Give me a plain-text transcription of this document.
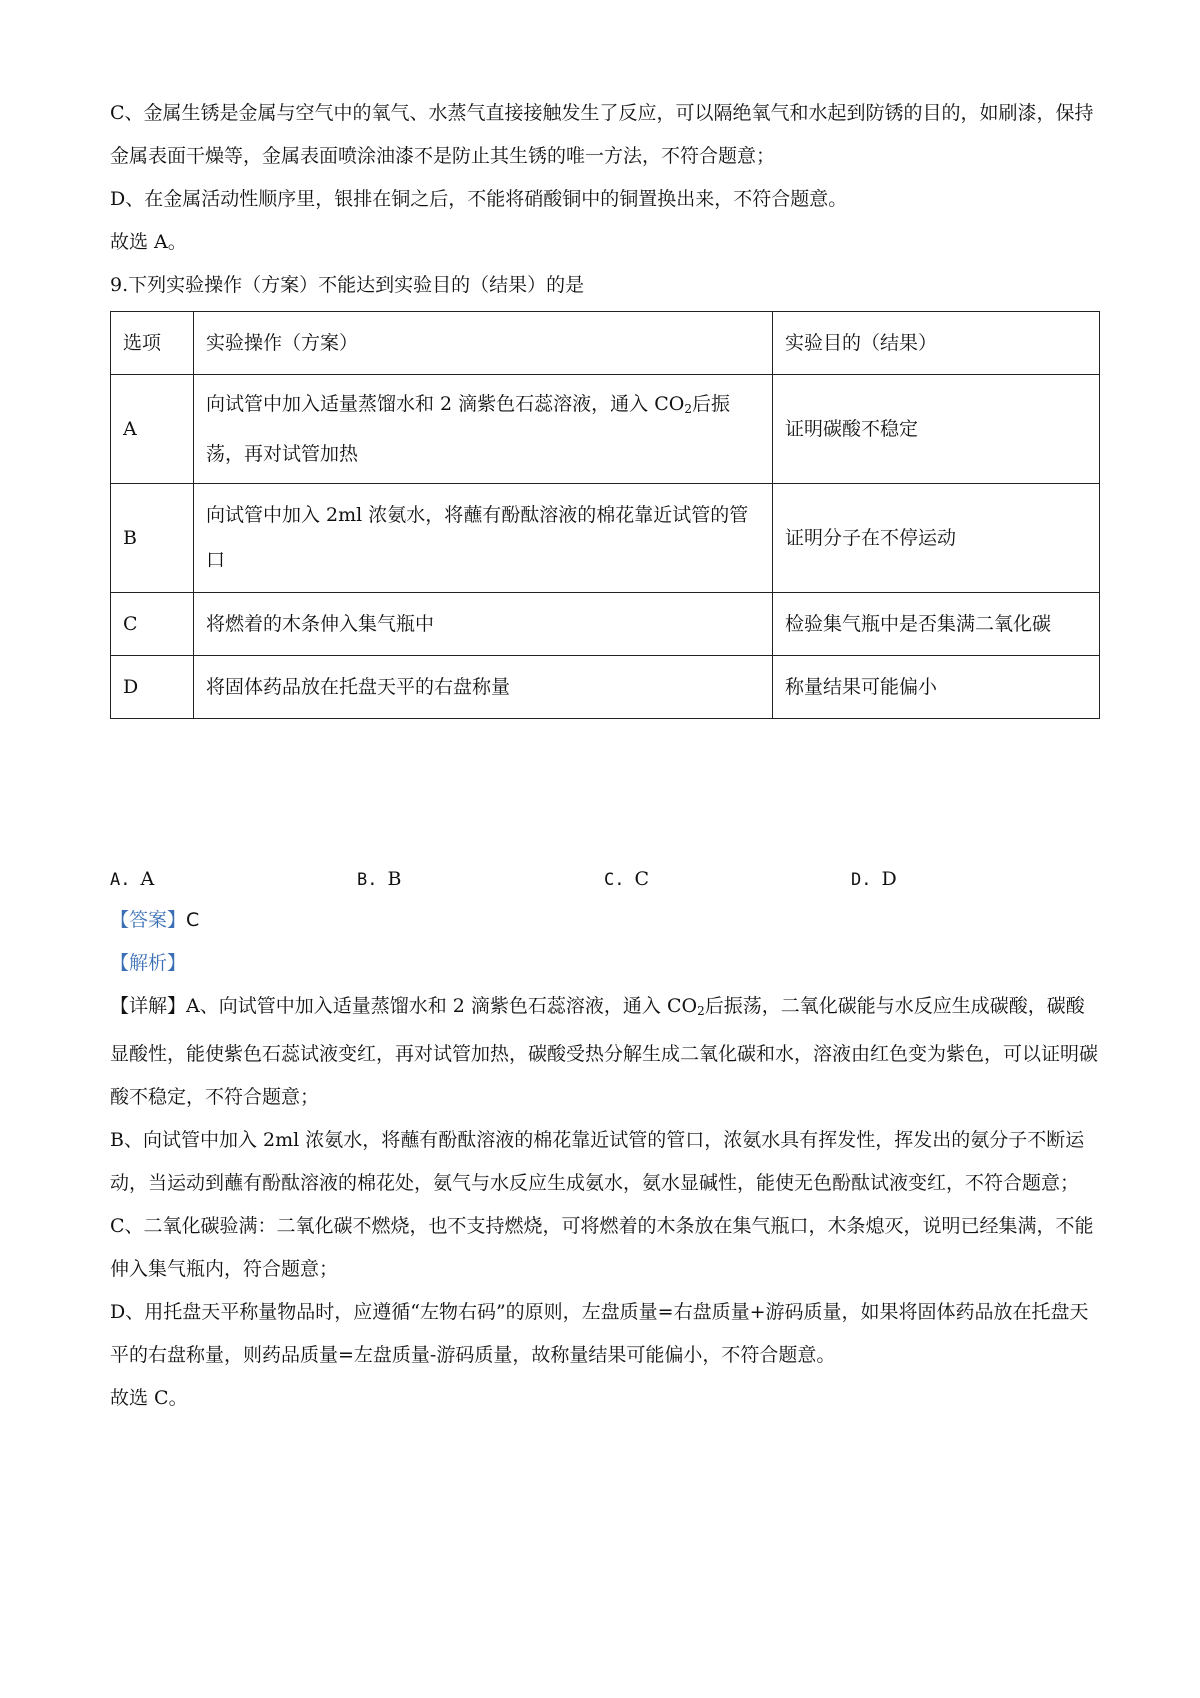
C、金属生锈是金属与空气中的氧气、水蒸气直接接触发生了反应，可以隔绝氧气和水起到防锈的目的，如刷漆，保持金属表面干燥等，金属表面喷涂油漆不是防止其生锈的唯一方法，不符合题意；

D、在金属活动性顺序里，银排在铜之后，不能将硝酸铜中的铜置换出来，不符合题意。

故选 A。

9.下列实验操作（方案）不能达到实验目的（结果）的是

选项	实验操作（方案）	实验目的（结果）
A	向试管中加入适量蒸馏水和 2 滴紫色石蕊溶液，通入 $CO_2$后振荡，再对试管加热	证明碳酸不稳定
B	向试管中加入 2ml 浓氨水，将蘸有酚酞溶液的棉花靠近试管的管口	证明分子在不停运动
C	将燃着的木条伸入集气瓶中	检验集气瓶中是否集满二氧化碳
D	将固体药品放在托盘天平的右盘称量	称量结果可能偏小
A. A	B. B	C. C	D. D

【答案】C

【解析】

【详解】A、向试管中加入适量蒸馏水和 2 滴紫色石蕊溶液，通入 $CO_2$后振荡，二氧化碳能与水反应生成碳酸，碳酸显酸性，能使紫色石蕊试液变红，再对试管加热，碳酸受热分解生成二氧化碳和水，溶液由红色变为紫色，可以证明碳酸不稳定，不符合题意；

B、向试管中加入 2ml 浓氨水，将蘸有酚酞溶液的棉花靠近试管的管口，浓氨水具有挥发性，挥发出的氨分子不断运动，当运动到蘸有酚酞溶液的棉花处，氨气与水反应生成氨水，氨水显碱性，能使无色酚酞试液变红，不符合题意；

C、二氧化碳验满：二氧化碳不燃烧，也不支持燃烧，可将燃着的木条放在集气瓶口，木条熄灭，说明已经集满，不能伸入集气瓶内，符合题意；

D、用托盘天平称量物品时，应遵循“左物右码”的原则，左盘质量=右盘质量+游码质量，如果将固体药品放在托盘天平的右盘称量，则药品质量=左盘质量-游码质量，故称量结果可能偏小，不符合题意。

故选 C。
